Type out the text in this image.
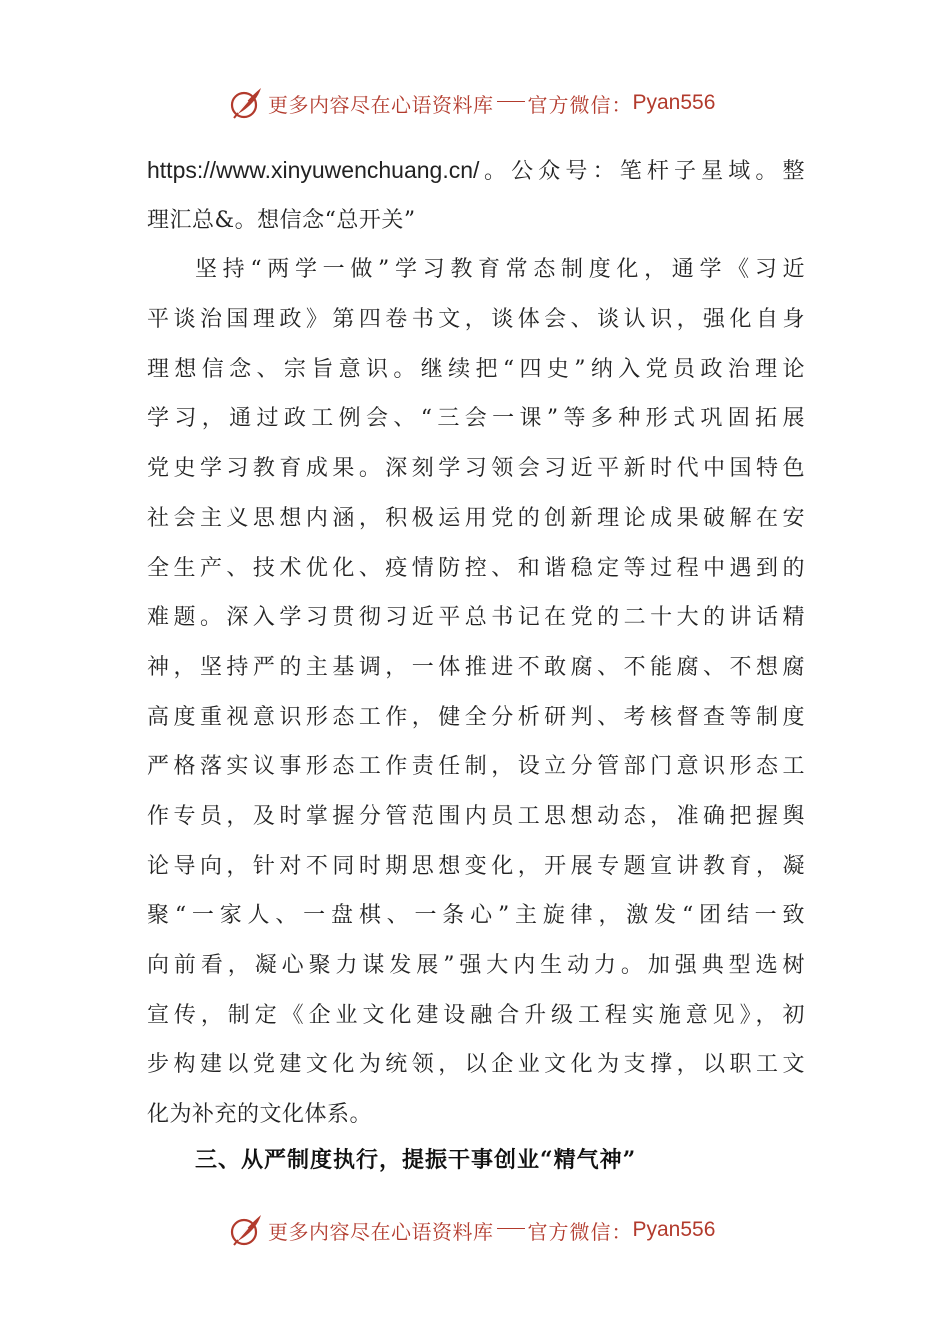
更多内容尽在心语资料库 官方微信： Pyan556
https://www.xinyuwenchuang.cn/。公众号：笔杆子星域。整
理汇总&。想信念“总开关”
坚持“两学一做”学习教育常态制度化，通学《习近
平谈治国理政》第四卷书文，谈体会、谈认识，强化自身
理想信念、宗旨意识。继续把“四史”纳入党员政治理论
学习，通过政工例会、“三会一课”等多种形式巩固拓展
党史学习教育成果。深刻学习领会习近平新时代中国特色
社会主义思想内涵，积极运用党的创新理论成果破解在安
全生产、技术优化、疫情防控、和谐稳定等过程中遇到的
难题。深入学习贯彻习近平总书记在党的二十大的讲话精
神，坚持严的主基调，一体推进不敢腐、不能腐、不想腐
高度重视意识形态工作，健全分析研判、考核督查等制度
严格落实议事形态工作责任制，设立分管部门意识形态工
作专员，及时掌握分管范围内员工思想动态，准确把握舆
论导向，针对不同时期思想变化，开展专题宣讲教育，凝
聚“一家人、一盘棋、一条心”主旋律，激发“团结一致
向前看，凝心聚力谋发展”强大内生动力。加强典型选树
宣传，制定《企业文化建设融合升级工程实施意见》，初
步构建以党建文化为统领，以企业文化为支撑，以职工文
化为补充的文化体系。
三、从严制度执行，提振干事创业“精气神”
更多内容尽在心语资料库 官方微信： Pyan556
